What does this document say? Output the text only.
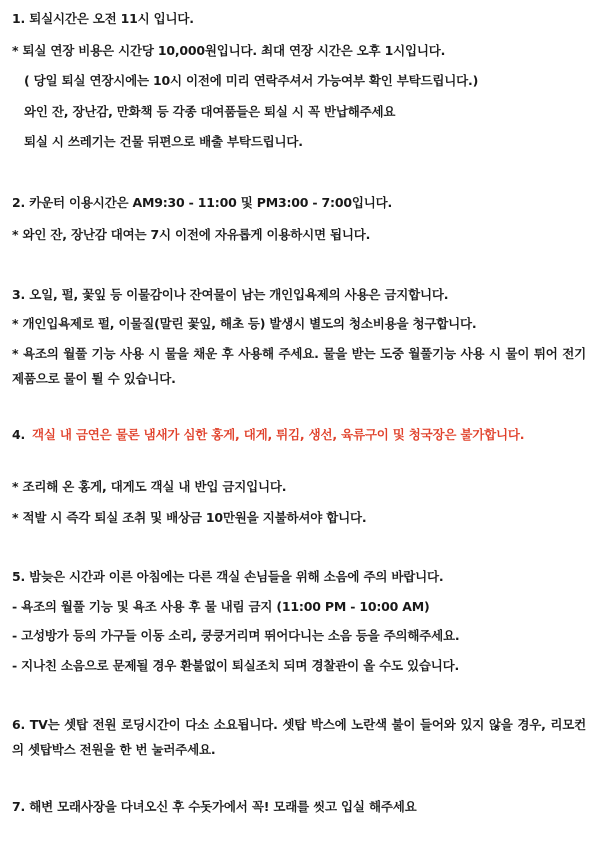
1. 퇴실시간은 오전 11시 입니다.
* 퇴실 연장 비용은 시간당 10,000원입니다. 최대 연장 시간은 오후 1시입니다.
( 당일 퇴실 연장시에는 10시 이전에 미리 연락주셔서 가능여부 확인 부탁드립니다.)
와인 잔, 장난감, 만화책 등 각종 대여품들은 퇴실 시 꼭 반납해주세요
퇴실 시 쓰레기는 건물 뒤편으로 배출 부탁드립니다.
2. 카운터 이용시간은 AM9:30 - 11:00 및 PM3:00 - 7:00입니다.
* 와인 잔, 장난감 대여는 7시 이전에 자유롭게 이용하시면 됩니다.
3. 오일, 펄, 꽃잎 등 이물감이나 잔여물이 남는 개인입욕제의 사용은 금지합니다.
* 개인입욕제로 펄, 이물질(말린 꽃잎, 해초 등) 발생시 별도의 청소비용을 청구합니다.
* 욕조의 월풀 기능 사용 시 물을 채운 후 사용해 주세요. 물을 받는 도중 월풀기능 사용 시 물이 튀어 전기 제품으로 물이 튈 수 있습니다.
4. 객실 내 금연은 물론 냄새가 심한 홍게, 대게, 튀김, 생선, 육류구이 및 청국장은 불가합니다.
* 조리해 온 홍게, 대게도 객실 내 반입 금지입니다.
* 적발 시 즉각 퇴실 조취 및 배상금 10만원을 지불하셔야 합니다.
5. 밤늦은 시간과 이른 아침에는 다른 객실 손님들을 위해 소음에 주의 바랍니다.
- 욕조의 월풀 기능 및 욕조 사용 후 물 내림 금지 (11:00 PM - 10:00 AM)
- 고성방가 등의 가구들 이동 소리, 쿵쿵거리며 뛰어다니는 소음 등을 주의해주세요.
- 지나친 소음으로 문제될 경우 환불없이 퇴실조치 되며 경찰관이 올 수도 있습니다.
6. TV는 셋탑 전원 로딩시간이 다소 소요됩니다. 셋탑 박스에 노란색 불이 들어와 있지 않을 경우, 리모컨의 셋탑박스 전원을 한 번 눌러주세요.
7. 해변 모래사장을 다녀오신 후 수돗가에서 꼭! 모래를 씻고 입실 해주세요
